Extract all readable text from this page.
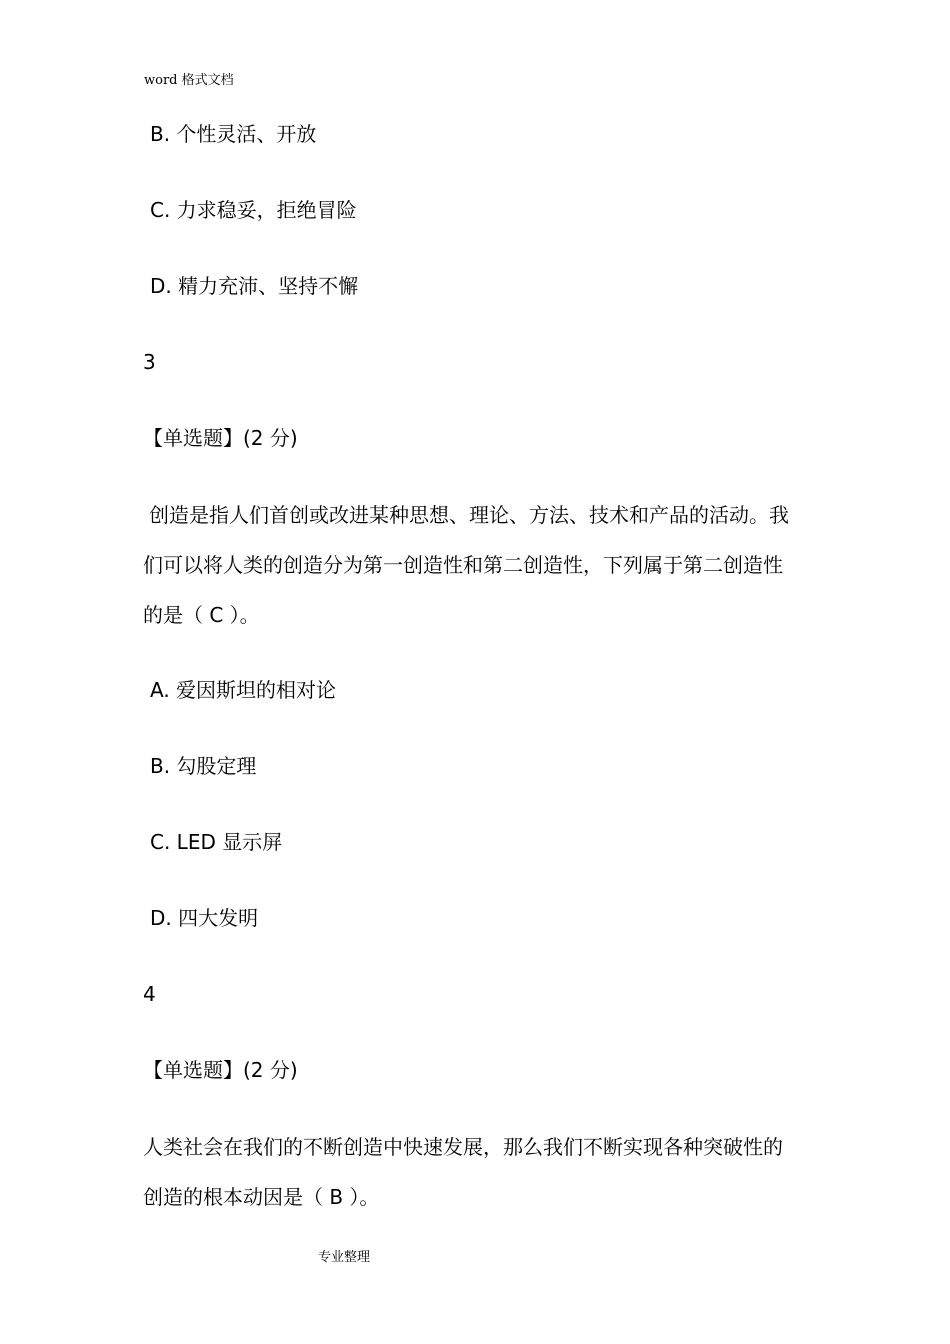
word 格式文档
B. 个性灵活、开放
C. 力求稳妥，拒绝冒险
D. 精力充沛、坚持不懈
3
【单选题】(2 分)
创造是指人们首创或改进某种思想、理论、方法、技术和产品的活动。我
们可以将人类的创造分为第一创造性和第二创造性，下列属于第二创造性
的是（ C ）。
A. 爱因斯坦的相对论
B. 勾股定理
C. LED 显示屏
D. 四大发明
4
【单选题】(2 分)
人类社会在我们的不断创造中快速发展，那么我们不断实现各种突破性的
创造的根本动因是（ B ）。
专业整理
